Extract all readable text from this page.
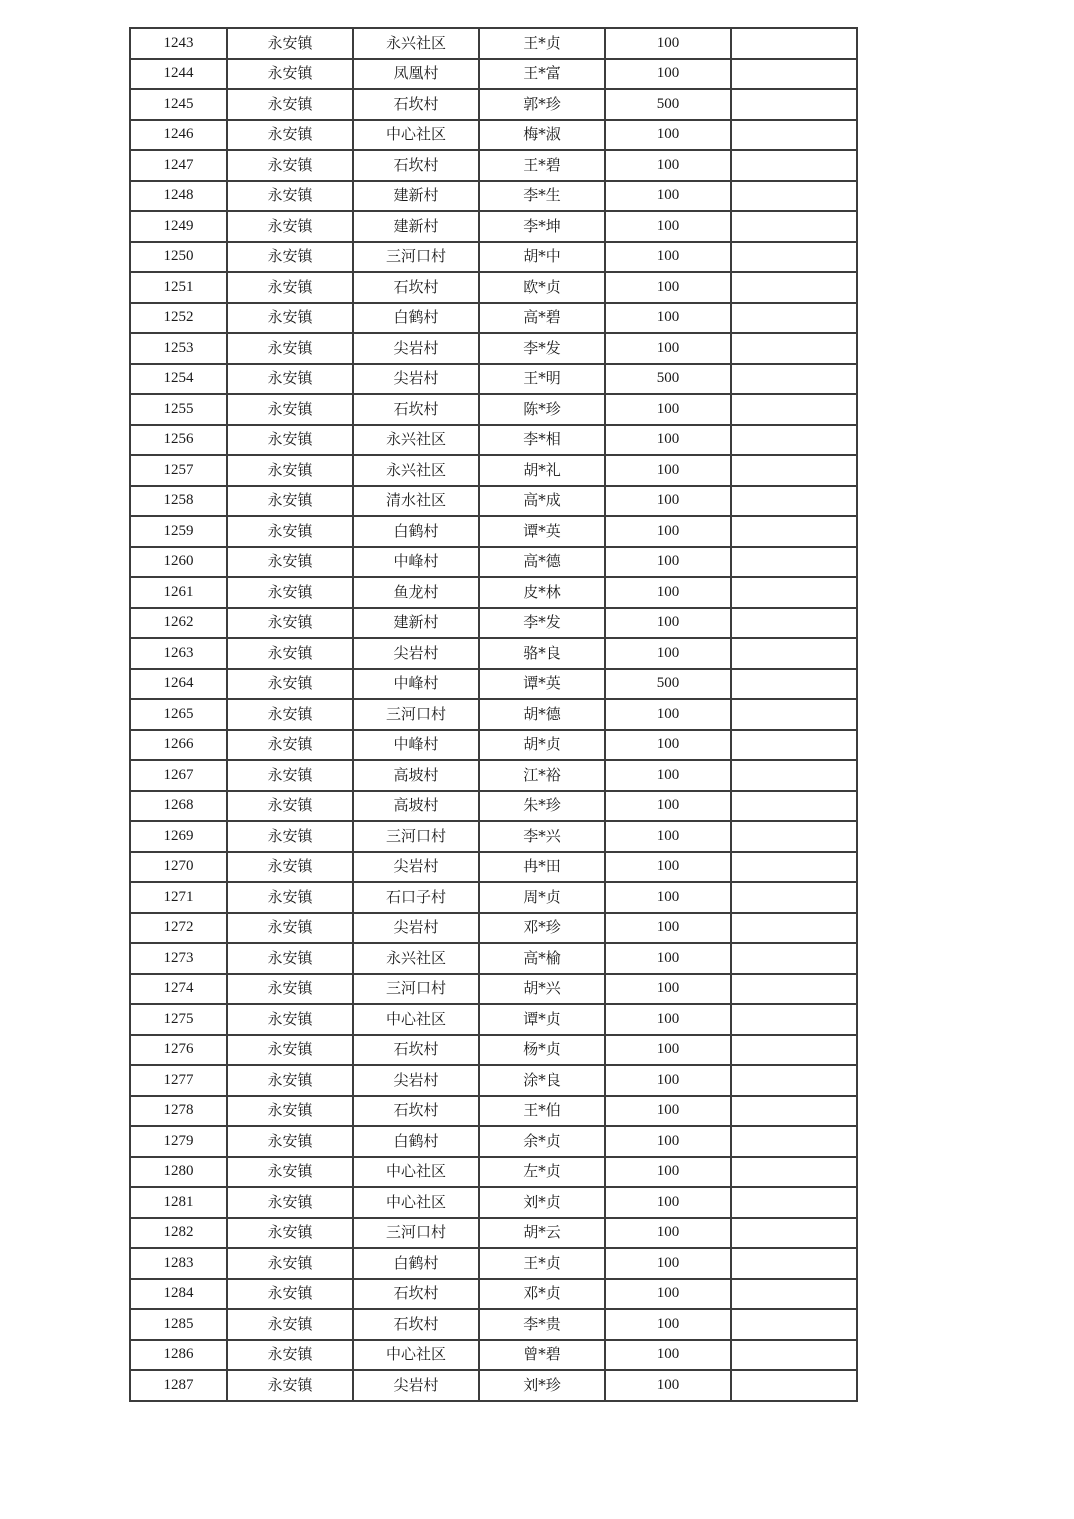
1243	永安镇	永兴社区	王*贞	100	
1244	永安镇	凤凰村	王*富	100	
1245	永安镇	石坎村	郭*珍	500	
1246	永安镇	中心社区	梅*淑	100	
1247	永安镇	石坎村	王*碧	100	
1248	永安镇	建新村	李*生	100	
1249	永安镇	建新村	李*坤	100	
1250	永安镇	三河口村	胡*中	100	
1251	永安镇	石坎村	欧*贞	100	
1252	永安镇	白鹤村	高*碧	100	
1253	永安镇	尖岩村	李*发	100	
1254	永安镇	尖岩村	王*明	500	
1255	永安镇	石坎村	陈*珍	100	
1256	永安镇	永兴社区	李*相	100	
1257	永安镇	永兴社区	胡*礼	100	
1258	永安镇	清水社区	高*成	100	
1259	永安镇	白鹤村	谭*英	100	
1260	永安镇	中峰村	高*德	100	
1261	永安镇	鱼龙村	皮*林	100	
1262	永安镇	建新村	李*发	100	
1263	永安镇	尖岩村	骆*良	100	
1264	永安镇	中峰村	谭*英	500	
1265	永安镇	三河口村	胡*德	100	
1266	永安镇	中峰村	胡*贞	100	
1267	永安镇	高坡村	江*裕	100	
1268	永安镇	高坡村	朱*珍	100	
1269	永安镇	三河口村	李*兴	100	
1270	永安镇	尖岩村	冉*田	100	
1271	永安镇	石口子村	周*贞	100	
1272	永安镇	尖岩村	邓*珍	100	
1273	永安镇	永兴社区	高*榆	100	
1274	永安镇	三河口村	胡*兴	100	
1275	永安镇	中心社区	谭*贞	100	
1276	永安镇	石坎村	杨*贞	100	
1277	永安镇	尖岩村	涂*良	100	
1278	永安镇	石坎村	王*伯	100	
1279	永安镇	白鹤村	余*贞	100	
1280	永安镇	中心社区	左*贞	100	
1281	永安镇	中心社区	刘*贞	100	
1282	永安镇	三河口村	胡*云	100	
1283	永安镇	白鹤村	王*贞	100	
1284	永安镇	石坎村	邓*贞	100	
1285	永安镇	石坎村	李*贵	100	
1286	永安镇	中心社区	曾*碧	100	
1287	永安镇	尖岩村	刘*珍	100	
